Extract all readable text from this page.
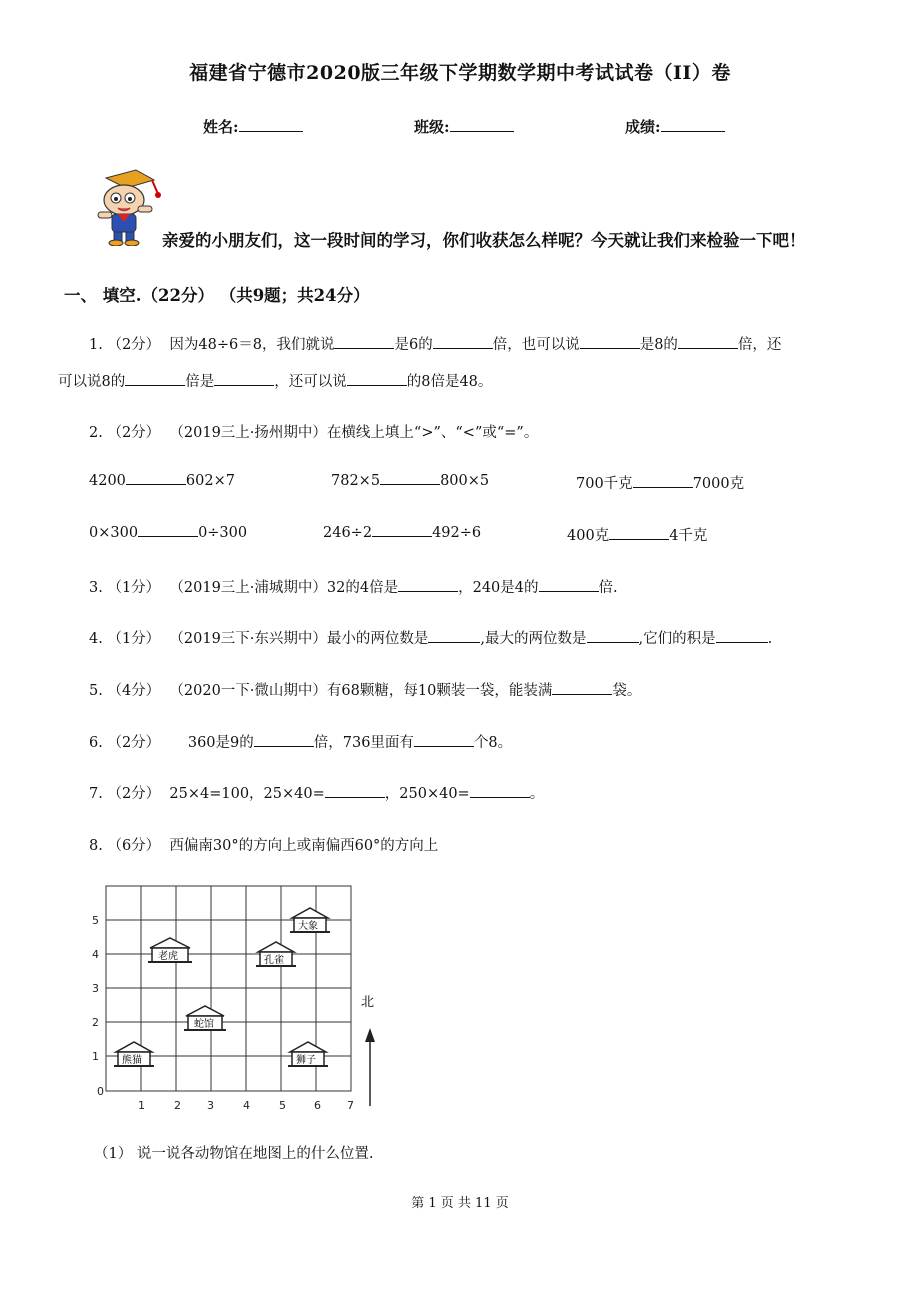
福建省宁德市2020版三年级下学期数学期中考试试卷（II）卷
姓名:	班级:	成绩:
亲爱的小朋友们，这一段时间的学习，你们收获怎么样呢？今天就让我们来检验一下吧！
一、 填空.（22分） （共9题；共24分）
1. （2分） 因为48÷6＝8，我们就说	是6的	倍，也可以说	是8的	倍，还
可以说8的	倍是	，还可以说	的8倍是48。
2. （2分） （2019三上·扬州期中）在横线上填上“>”、“<”或“=”。
4200	602×7	782×5	800×5	700千克	7000克
0×300	0÷300	246÷2	492÷6	400克	4千克
3. （1分） （2019三上·浦城期中）32的4倍是	，240是4的	倍.
4. （1分） （2019三下·东兴期中）最小的两位数是	,最大的两位数是	,它们的积是	.
5. （4分） （2020一下·微山期中）有68颗糖，每10颗装一袋，能装满	袋。
6. （2分） 360是9的	倍，736里面有	个8。
7. （2分） 25×4=100，25×40=	，250×40=	。
8. （6分） 西偏南30°的方向上或南偏西60°的方向上
0
1	2 3	4	5	6 7
1
2
3
4
5	大象
老虎	孔雀
蛇馆
熊猫	狮子
北
（1） 说一说各动物馆在地图上的什么位置.
第 1 页 共 11 页
